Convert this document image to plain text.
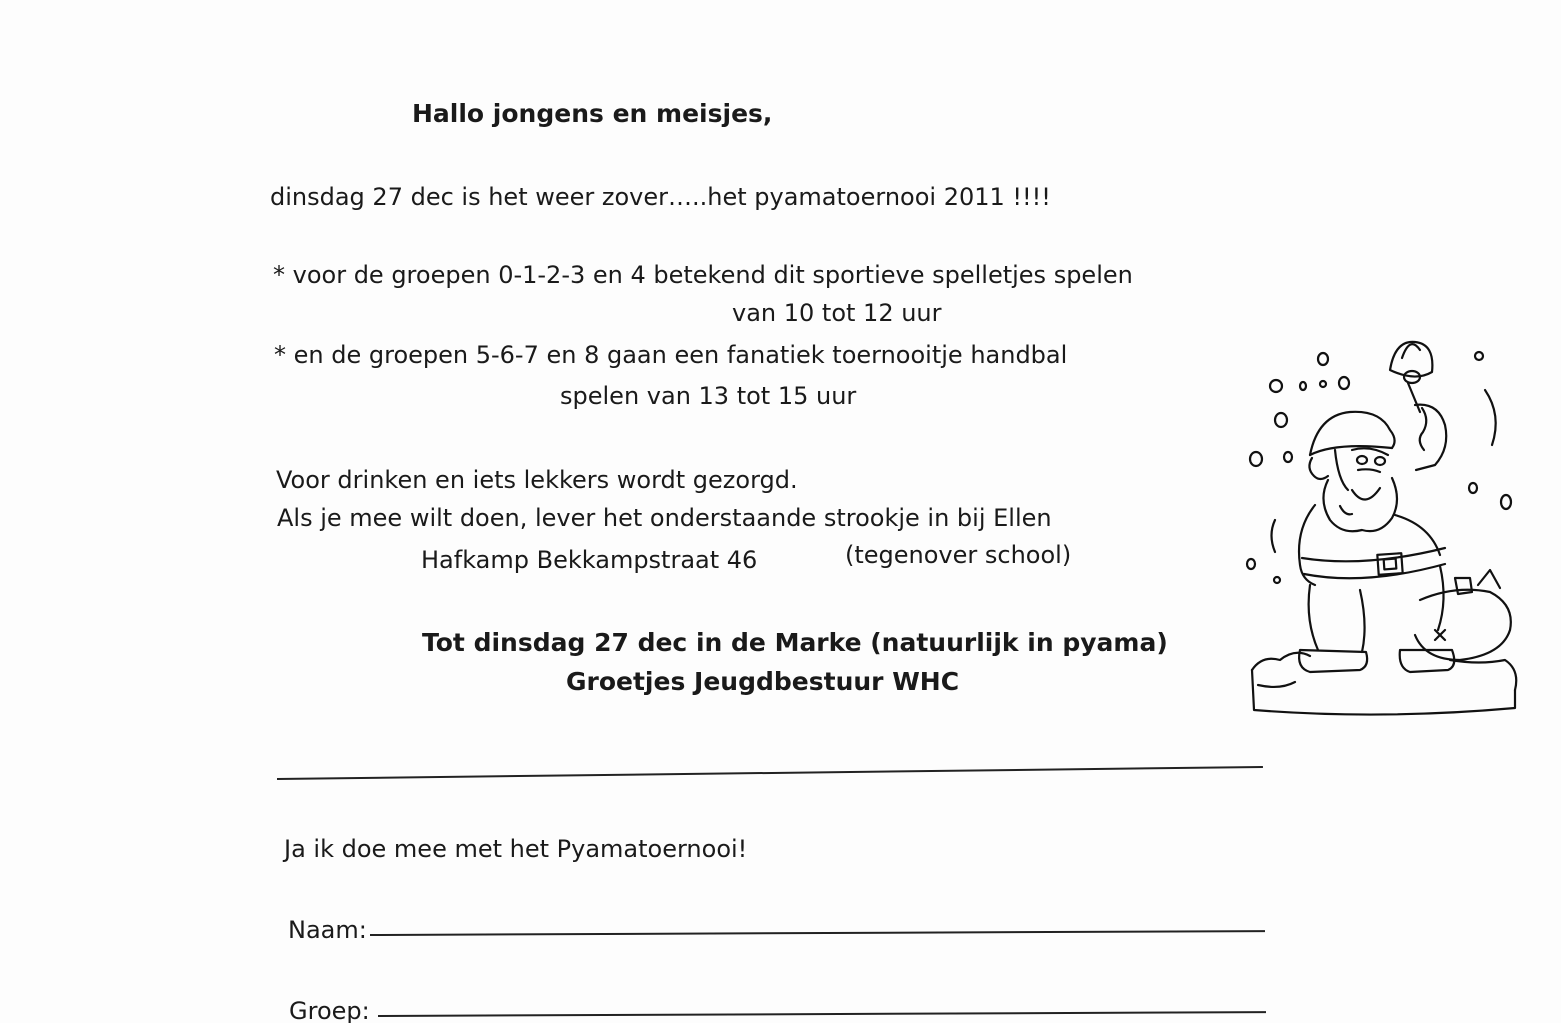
Hallo jongens en meisjes,
dinsdag 27 dec is het weer zover…..het pyamatoernooi 2011 !!!!
* voor de groepen 0-1-2-3 en 4 betekend dit sportieve spelletjes spelen
van 10 tot 12 uur
* en de groepen 5-6-7 en 8 gaan een fanatiek toernooitje handbal
spelen van 13 tot 15 uur
Voor drinken en iets lekkers wordt gezorgd.
Als je mee wilt doen, lever het onderstaande strookje in bij Ellen
Hafkamp Bekkampstraat 46	(tegenover school)
Tot dinsdag 27 dec in de Marke (natuurlijk in pyama)
Groetjes Jeugdbestuur WHC
Ja ik doe mee met het Pyamatoernooi!
Naam:
Groep:
